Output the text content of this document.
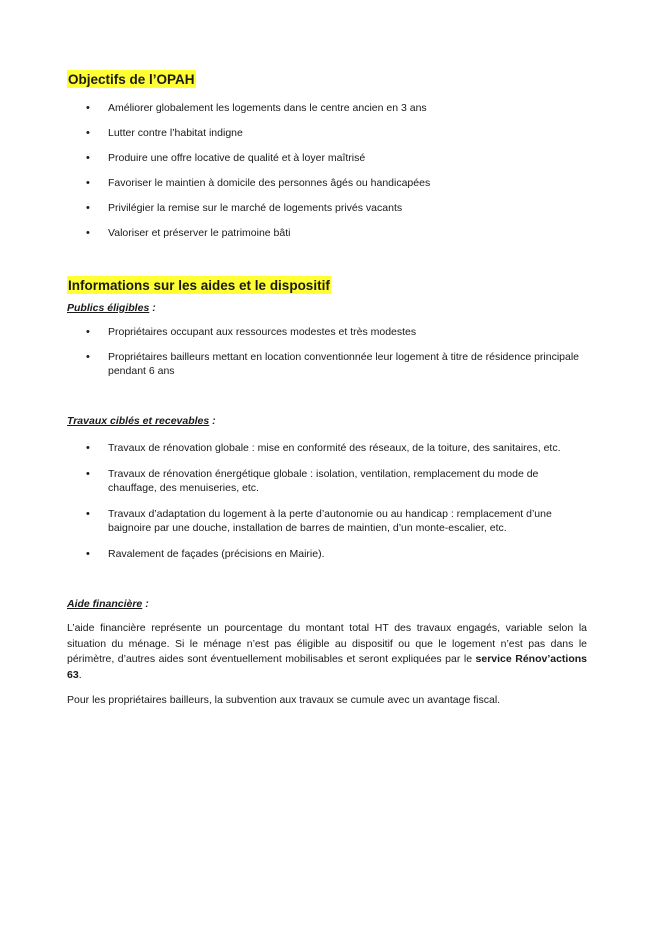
Objectifs de l’OPAH
• Améliorer globalement les logements dans le centre ancien en 3 ans
• Lutter contre l’habitat indigne
• Produire une offre locative de qualité et à loyer maîtrisé
• Favoriser le maintien à domicile des personnes âgés ou handicapées
• Privilégier la remise sur le marché de logements privés vacants
• Valoriser et préserver le patrimoine bâti
Informations sur les aides et le dispositif
Publics éligibles :
• Propriétaires occupant aux ressources modestes et très modestes
• Propriétaires bailleurs mettant en location conventionnée leur logement à titre de résidence principale pendant 6 ans
Travaux ciblés et recevables :
• Travaux de rénovation globale : mise en conformité des réseaux, de la toiture, des sanitaires, etc.
• Travaux de rénovation énergétique globale : isolation, ventilation, remplacement du mode de chauffage, des menuiseries, etc.
• Travaux d’adaptation du logement à la perte d’autonomie ou au handicap : remplacement d’une baignoire par une douche, installation de barres de maintien, d’un monte-escalier, etc.
• Ravalement de façades (précisions en Mairie).
Aide financière :

L’aide financière représente un pourcentage du montant total HT des travaux engagés, variable selon la situation du ménage. Si le ménage n’est pas éligible au dispositif ou que le logement n’est pas dans le périmètre, d’autres aides sont éventuellement mobilisables et seront expliquées par le service Rénov’actions 63.

Pour les propriétaires bailleurs, la subvention aux travaux se cumule avec un avantage fiscal.
